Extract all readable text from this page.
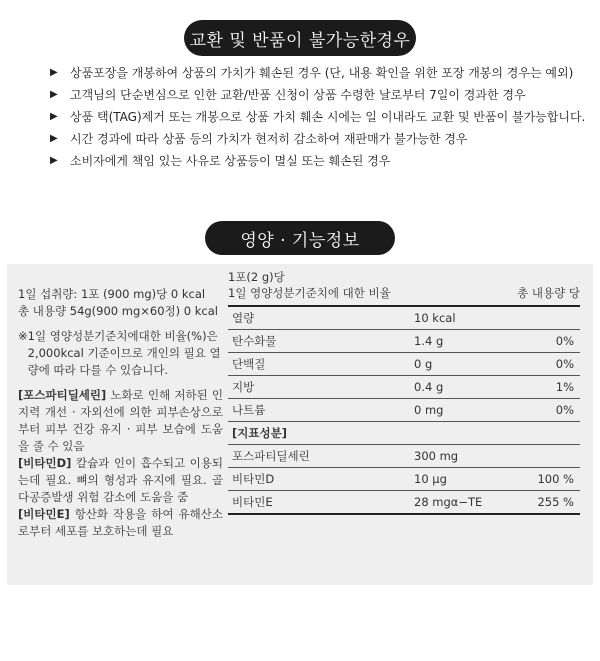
교환 및 반품이 불가능한경우
▶	상품포장을 개봉하여 상품의 가치가 훼손된 경우 (단, 내용 확인을 위한 포장 개봉의 경우는 예외)
▶	고객님의 단순변심으로 인한 교환/반품 신청이 상품 수령한 날로부터 7일이 경과한 경우
▶	상품 택(TAG)제거 또는 개봉으로 상품 가치 훼손 시에는 일 이내라도 교환 및 반품이 불가능합니다.
▶	시간 경과에 따라 상품 등의 가치가 현저히 감소하여 재판매가 불가능한 경우
▶	소비자에게 책임 있는 사유로 상품등이 멸실 또는 훼손된 경우
영양 · 기능정보

1일 섭취량: 1포 (900 mg)당 0 kcal

총 내용량 54g(900 mg×60정) 0 kcal

※ 1일 영양성분기준치에대한 비율(%)은 2,000kcal 기준이므로 개인의 필요 열량에 따라 다를 수 있습니다.

[포스파티딜세린] 노화로 인해 저하된 인지력 개선 · 자외선에 의한 피부손상으로부터 피부 건강 유지 · 피부 보습에 도움을 줄 수 있음

[비타민D] 칼슘과 인이 흡수되고 이용되는데 필요. 뼈의 형성과 유지에 필요. 골다공증발생 위험 감소에 도움을 줌

[비타민E] 항산화 작용을 하여 유해산소로부터 세포를 보호하는데 필요

1포(2 g)당
1일 영양성분기준치에 대한 비율	총 내용량 당
열량	10 kcal
탄수화물	1.4 g	0%
단백질	0 g	0%
지방	0.4 g	1%
나트륨	0 mg	0%
[지표성분]
포스파티딜세린	300 mg
비타민D	10 μg	100 %
비타민E	28 mgα−TE	255 %
